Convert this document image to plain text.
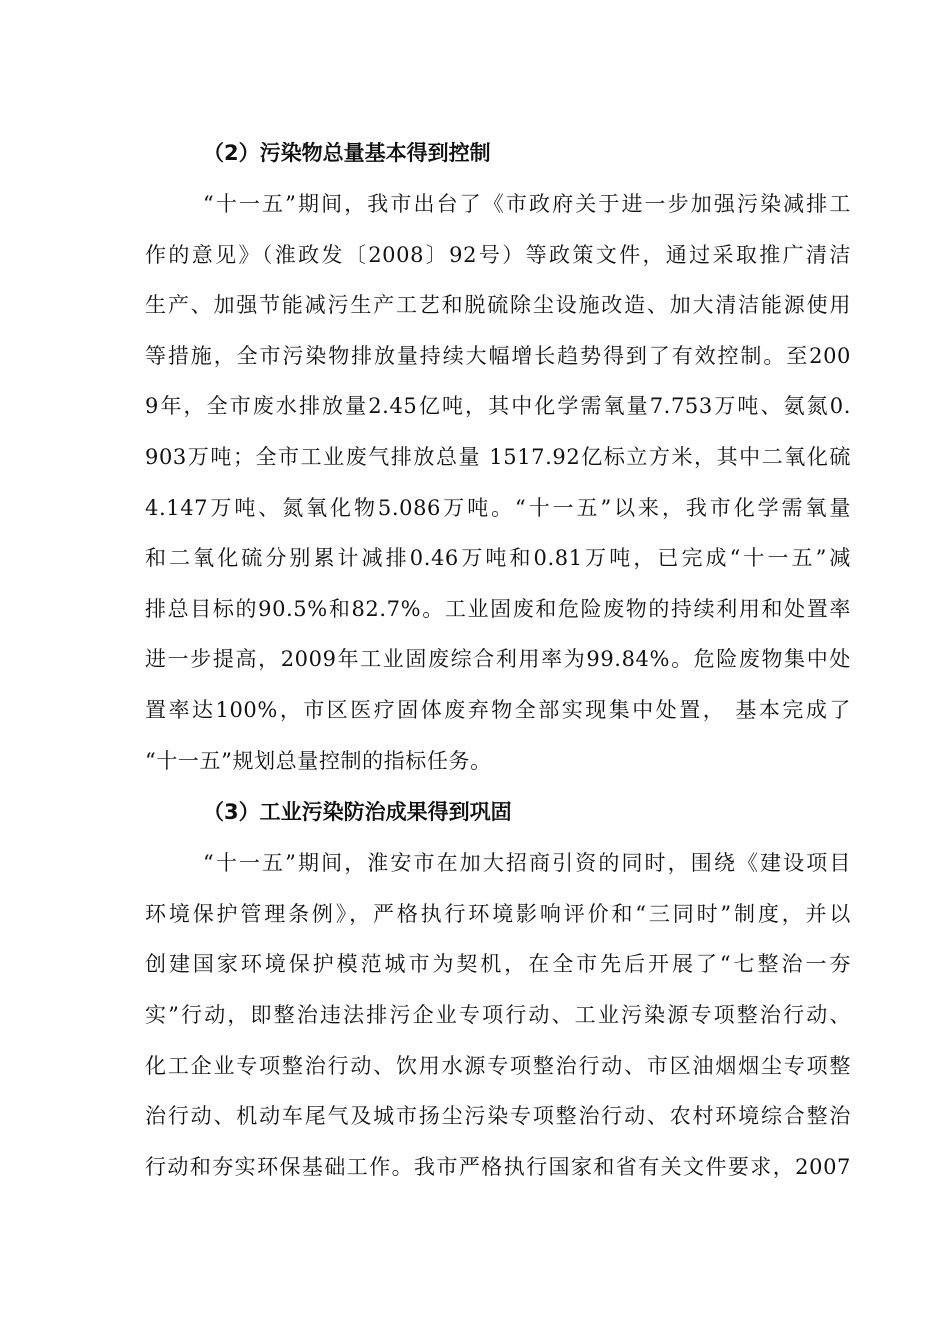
（2）污染物总量基本得到控制
“十一五”期间，我市出台了《市政府关于进一步加强污染减排工
作的意见》（淮政发〔2008〕92号）等政策文件，通过采取推广清洁
生产、加强节能减污生产工艺和脱硫除尘设施改造、加大清洁能源使用
等措施，全市污染物排放量持续大幅增长趋势得到了有效控制。至200
9年，全市废水排放量2.45亿吨，其中化学需氧量7.753万吨、氨氮0.
903万吨；全市工业废气排放总量 1517.92亿标立方米，其中二氧化硫
4.147万吨、氮氧化物5.086万吨。“十一五”以来，我市化学需氧量
和二氧化硫分别累计减排0.46万吨和0.81万吨，已完成“十一五”减
排总目标的90.5%和82.7%。工业固废和危险废物的持续利用和处置率
进一步提高，2009年工业固废综合利用率为99.84%。危险废物集中处
置率达100%，市区医疗固体废弃物全部实现集中处置， 基本完成了
“十一五”规划总量控制的指标任务。
（3）工业污染防治成果得到巩固
“十一五”期间，淮安市在加大招商引资的同时，围绕《建设项目
环境保护管理条例》，严格执行环境影响评价和“三同时”制度，并以
创建国家环境保护模范城市为契机，在全市先后开展了“七整治一夯
实”行动，即整治违法排污企业专项行动、工业污染源专项整治行动、
化工企业专项整治行动、饮用水源专项整治行动、市区油烟烟尘专项整
治行动、机动车尾气及城市扬尘污染专项整治行动、农村环境综合整治
行动和夯实环保基础工作。我市严格执行国家和省有关文件要求，2007
